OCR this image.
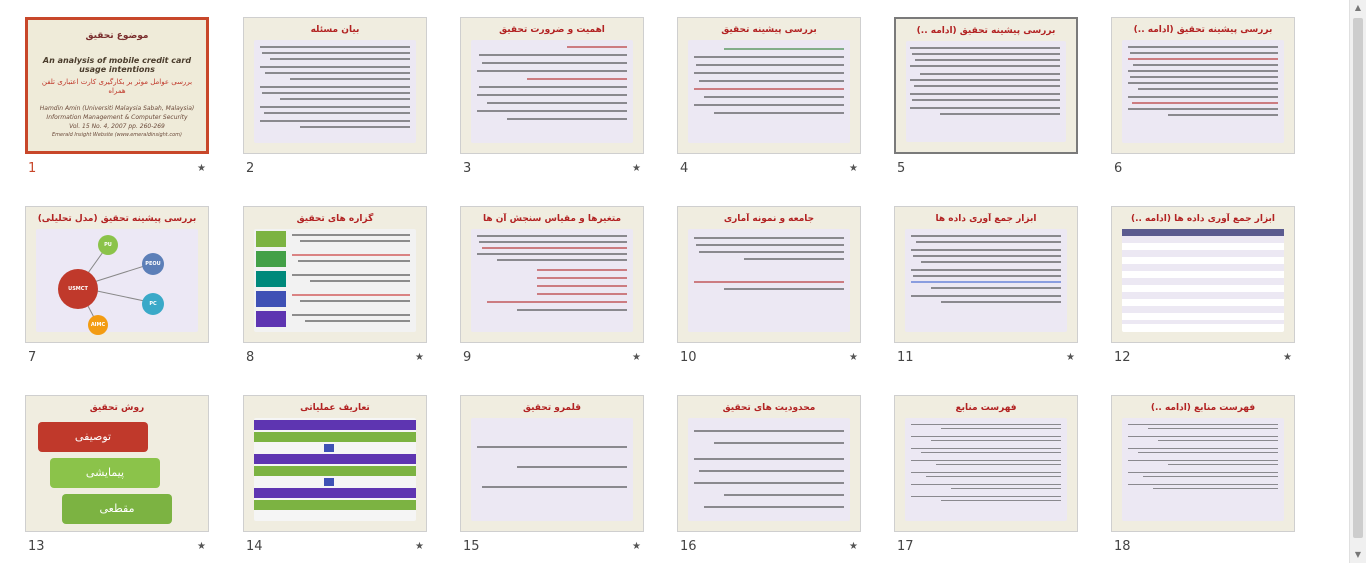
موضوع تحقیق
An analysis of mobile credit card usage intentions
بررسی عوامل موثر بر بکارگیری کارت اعتباری تلفن همراه
Hamdin Amin (Universiti Malaysia Sabah, Malaysia)
Information Management & Computer Security
Vol. 15 No. 4, 2007 pp. 260-269
Emerald Insight Website (www.emeraldinsight.com)
1	★
بیان مسئله
2
اهمیت و ضرورت تحقیق
3	★
بررسی پیشینه تحقیق
4	★
بررسی پیشینه تحقیق (ادامه ..)
5
بررسی پیشینه تحقیق (ادامه ..)
6
بررسی پیشینه تحقیق (مدل تحلیلی)
USMCT
PU
PEOU
PC
AIMC
7
گزاره های تحقیق
8	★
متغیرها و مقیاس سنجش آن ها
9	★
جامعه و نمونه آماری
10	★
ابزار جمع آوری داده ها
11	★
ابزار جمع آوری داده ها (ادامه ..)
12	★
روش تحقیق
توصیفی
پیمایشی
مقطعی
13	★
تعاریف عملیاتی
14	★
قلمرو تحقیق
15	★
محدودیت های تحقیق
16	★
فهرست منابع
17
فهرست منابع (ادامه ..)
18
▲
▼
